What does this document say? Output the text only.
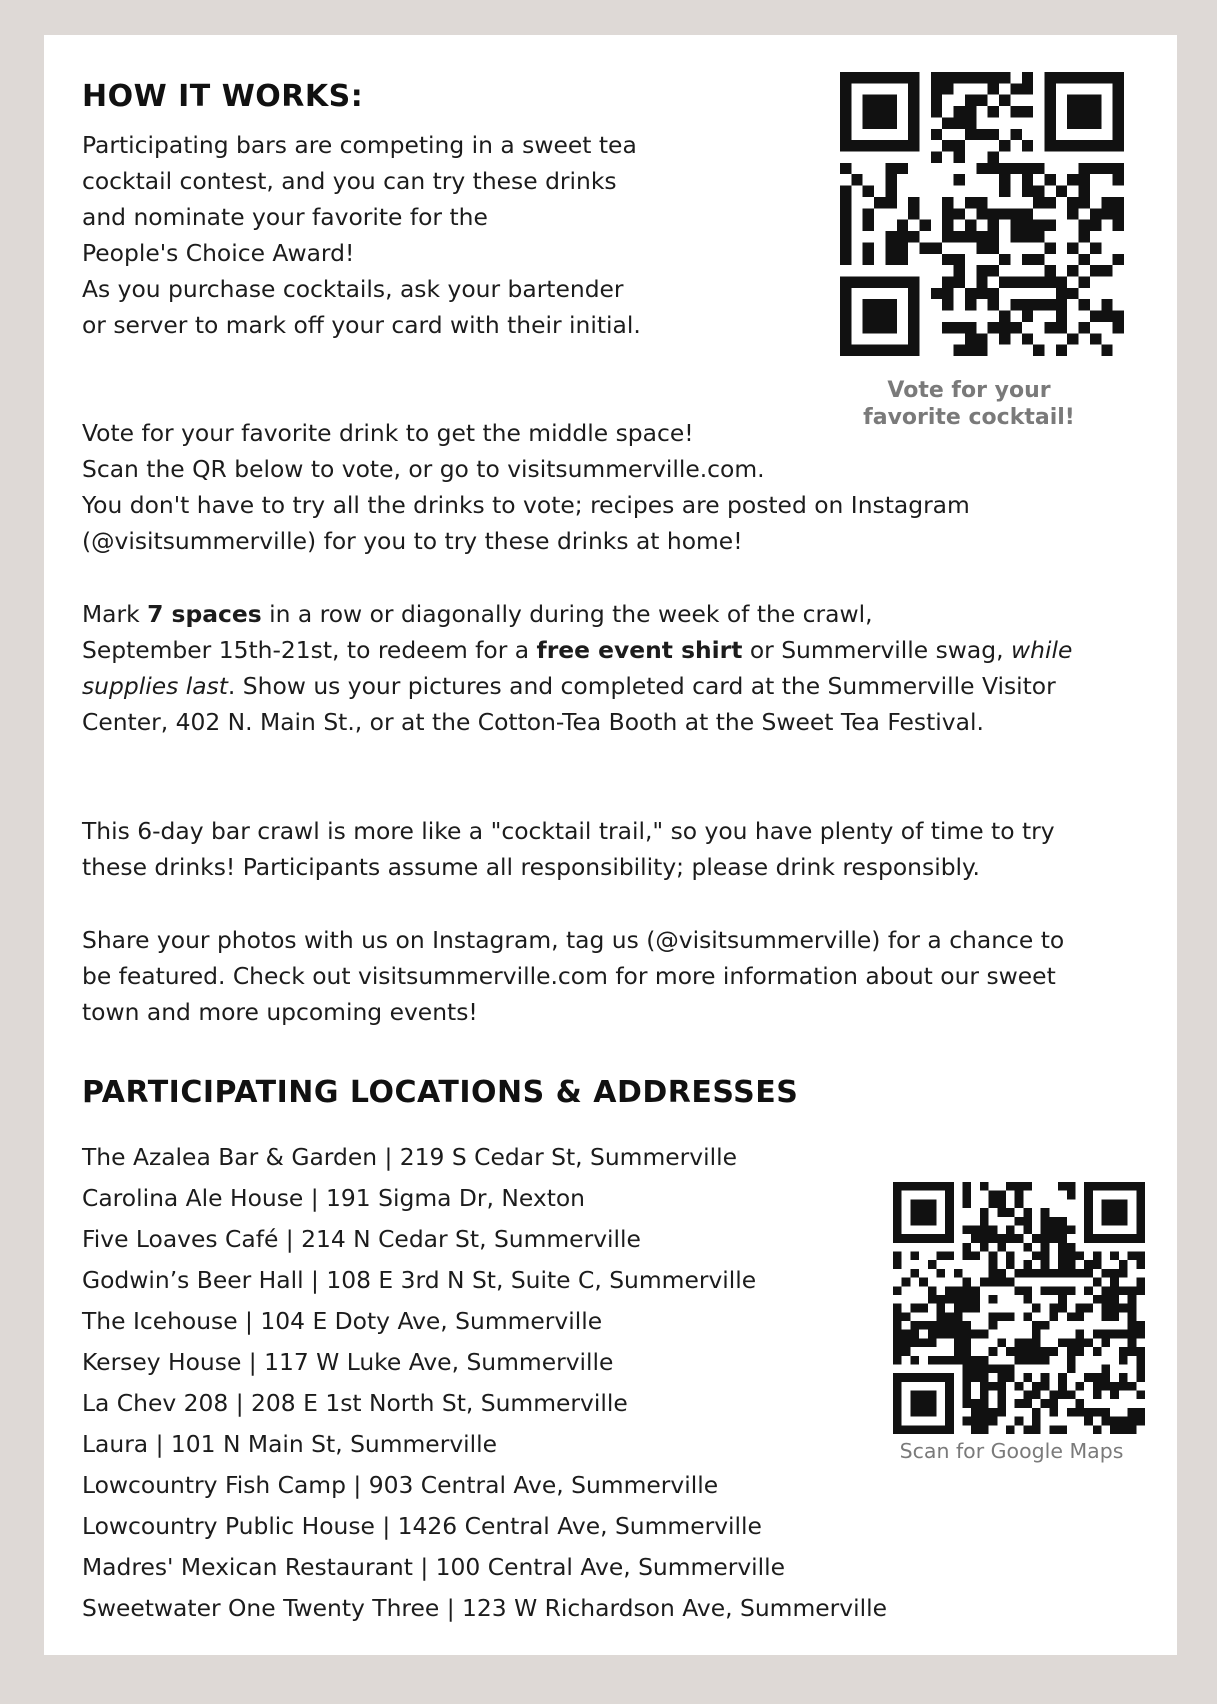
HOW IT WORKS:
Participating bars are competing in a sweet tea
cocktail contest, and you can try these drinks
and nominate your favorite for the
People's Choice Award!
As you purchase cocktails, ask your bartender
or server to mark off your card with their initial.
Vote for your favorite drink to get the middle space!
Scan the QR below to vote, or go to visitsummerville.com.
You don't have to try all the drinks to vote; recipes are posted on Instagram
(@visitsummerville) for you to try these drinks at home!
Mark 7 spaces in a row or diagonally during the week of the crawl,
September 15th-21st, to redeem for a free event shirt or Summerville swag, while
supplies last. Show us your pictures and completed card at the Summerville Visitor
Center, 402 N. Main St., or at the Cotton-Tea Booth at the Sweet Tea Festival.
This 6-day bar crawl is more like a "cocktail trail," so you have plenty of time to try
these drinks! Participants assume all responsibility; please drink responsibly.
Share your photos with us on Instagram, tag us (@visitsummerville) for a chance to
be featured. Check out visitsummerville.com for more information about our sweet
town and more upcoming events!
Vote for your
favorite cocktail!
PARTICIPATING LOCATIONS & ADDRESSES
The Azalea Bar & Garden | 219 S Cedar St, Summerville
Carolina Ale House | 191 Sigma Dr, Nexton
Five Loaves Café | 214 N Cedar St, Summerville
Godwin’s Beer Hall | 108 E 3rd N St, Suite C, Summerville
The Icehouse | 104 E Doty Ave, Summerville
Kersey House | 117 W Luke Ave, Summerville
La Chev 208 | 208 E 1st North St, Summerville
Laura | 101 N Main St, Summerville
Lowcountry Fish Camp | 903 Central Ave, Summerville
Lowcountry Public House | 1426 Central Ave, Summerville
Madres' Mexican Restaurant | 100 Central Ave, Summerville
Sweetwater One Twenty Three | 123 W Richardson Ave, Summerville
Scan for Google Maps
